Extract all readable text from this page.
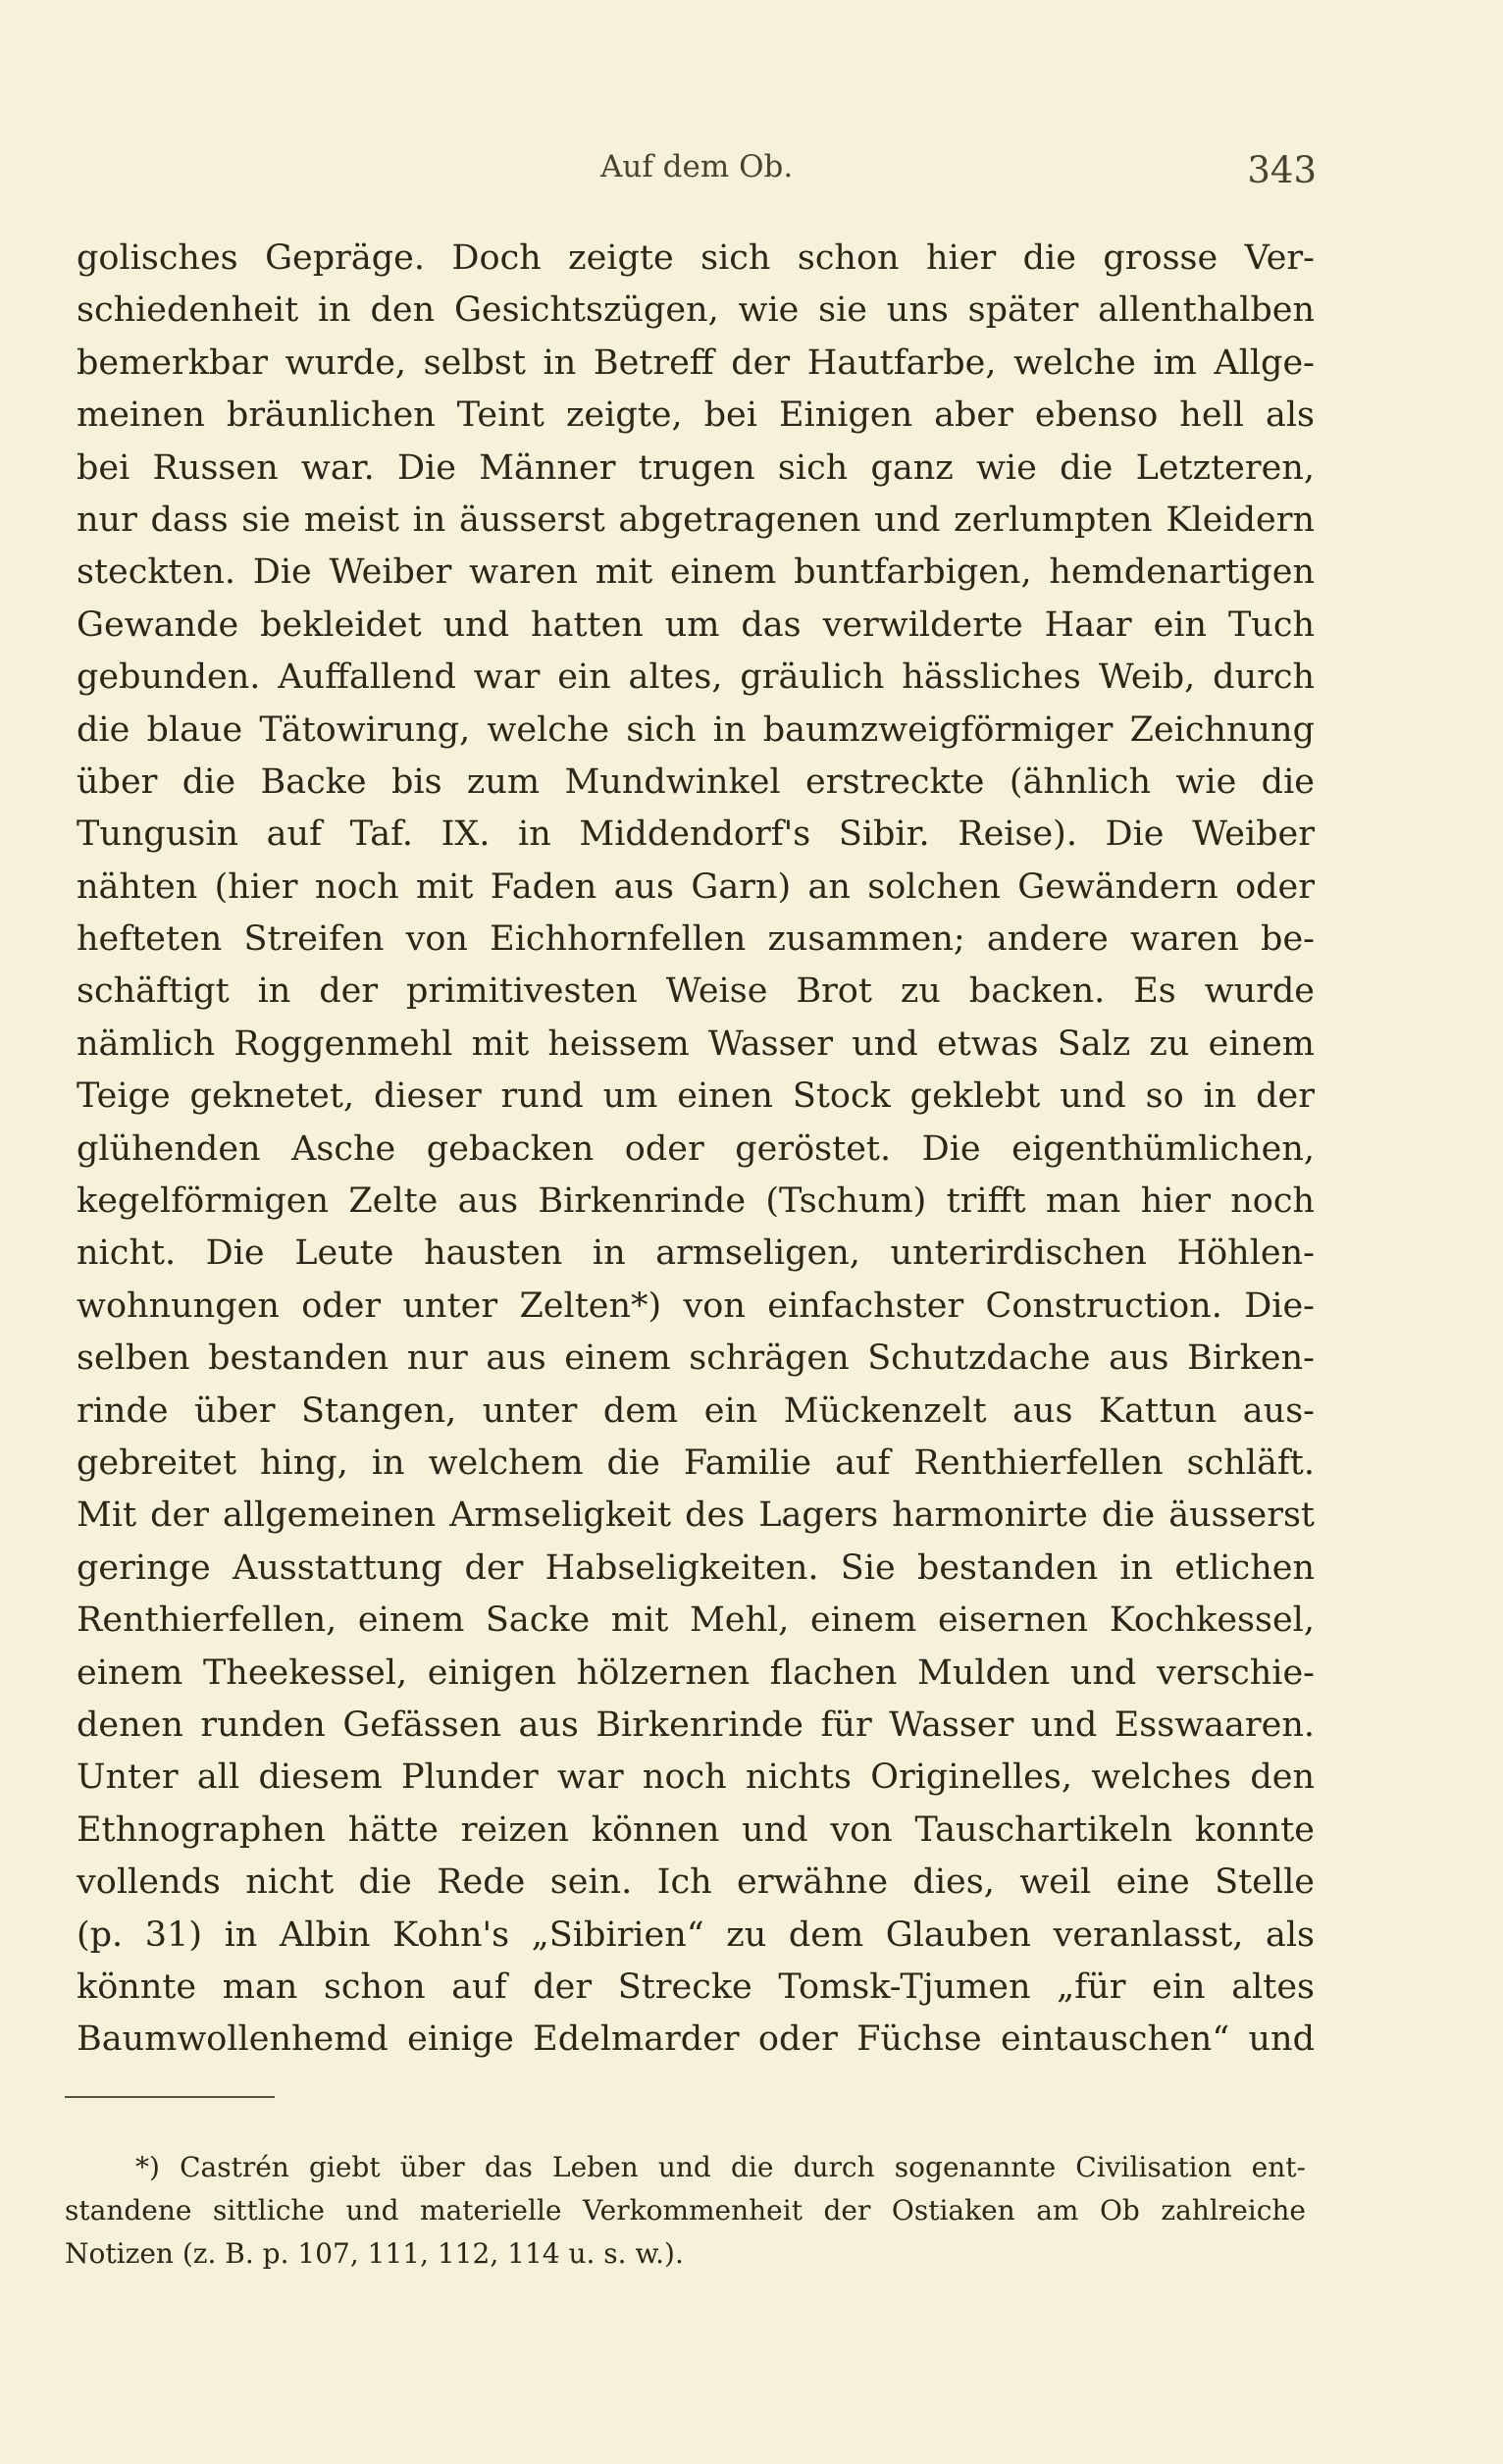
Auf dem Ob.	343
golisches Gepräge. Doch zeigte sich schon hier die grosse Ver-
schiedenheit in den Gesichtszügen, wie sie uns später allenthalben
bemerkbar wurde, selbst in Betreff der Hautfarbe, welche im Allge-
meinen bräunlichen Teint zeigte, bei Einigen aber ebenso hell als
bei Russen war. Die Männer trugen sich ganz wie die Letzteren,
nur dass sie meist in äusserst abgetragenen und zerlumpten Kleidern
steckten. Die Weiber waren mit einem buntfarbigen, hemdenartigen
Gewande bekleidet und hatten um das verwilderte Haar ein Tuch
gebunden. Auffallend war ein altes, gräulich hässliches Weib, durch
die blaue Tätowirung, welche sich in baumzweigförmiger Zeichnung
über die Backe bis zum Mundwinkel erstreckte (ähnlich wie die
Tungusin auf Taf. IX. in Middendorf's Sibir. Reise). Die Weiber
nähten (hier noch mit Faden aus Garn) an solchen Gewändern oder
hefteten Streifen von Eichhornfellen zusammen; andere waren be-
schäftigt in der primitivesten Weise Brot zu backen. Es wurde
nämlich Roggenmehl mit heissem Wasser und etwas Salz zu einem
Teige geknetet, dieser rund um einen Stock geklebt und so in der
glühenden Asche gebacken oder geröstet. Die eigenthümlichen,
kegelförmigen Zelte aus Birkenrinde (Tschum) trifft man hier noch
nicht. Die Leute hausten in armseligen, unterirdischen Höhlen-
wohnungen oder unter Zelten*) von einfachster Construction. Die-
selben bestanden nur aus einem schrägen Schutzdache aus Birken-
rinde über Stangen, unter dem ein Mückenzelt aus Kattun aus-
gebreitet hing, in welchem die Familie auf Renthierfellen schläft.
Mit der allgemeinen Armseligkeit des Lagers harmonirte die äusserst
geringe Ausstattung der Habseligkeiten. Sie bestanden in etlichen
Renthierfellen, einem Sacke mit Mehl, einem eisernen Kochkessel,
einem Theekessel, einigen hölzernen flachen Mulden und verschie-
denen runden Gefässen aus Birkenrinde für Wasser und Esswaaren.
Unter all diesem Plunder war noch nichts Originelles, welches den
Ethnographen hätte reizen können und von Tauschartikeln konnte
vollends nicht die Rede sein. Ich erwähne dies, weil eine Stelle
(p. 31) in Albin Kohn's „Sibirien“ zu dem Glauben veranlasst, als
könnte man schon auf der Strecke Tomsk-Tjumen „für ein altes
Baumwollenhemd einige Edelmarder oder Füchse eintauschen“ und
*) Castrén giebt über das Leben und die durch sogenannte Civilisation ent-
standene sittliche und materielle Verkommenheit der Ostiaken am Ob zahlreiche
Notizen (z. B. p. 107, 111, 112, 114 u. s. w.).
